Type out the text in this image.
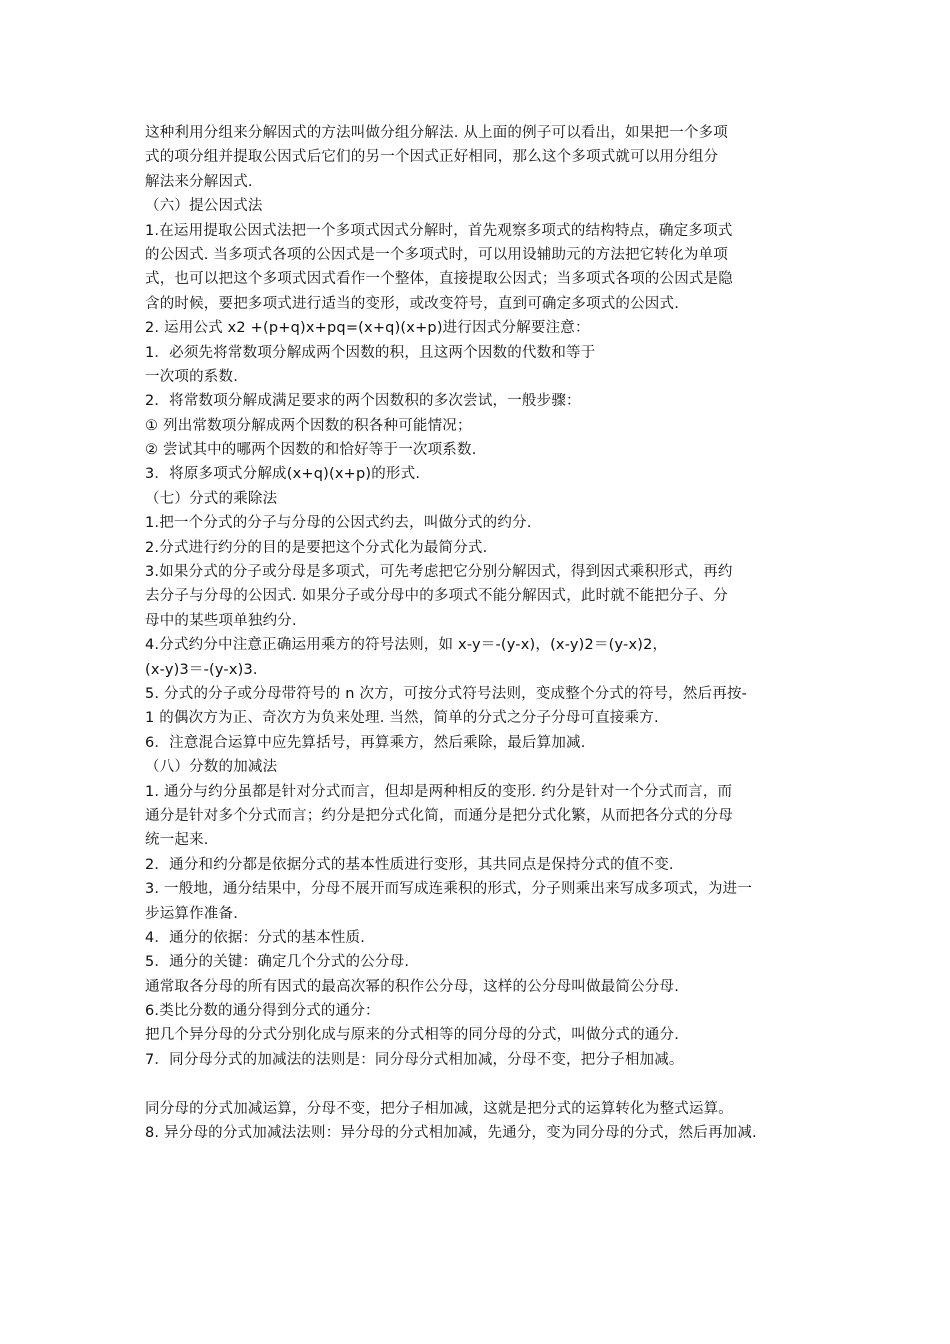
这种利用分组来分解因式的方法叫做分组分解法. 从上面的例子可以看出，如果把一个多项
式的项分组并提取公因式后它们的另一个因式正好相同，那么这个多项式就可以用分组分
解法来分解因式.
（六）提公因式法
1.在运用提取公因式法把一个多项式因式分解时，首先观察多项式的结构特点，确定多项式
的公因式. 当多项式各项的公因式是一个多项式时，可以用设辅助元的方法把它转化为单项
式，也可以把这个多项式因式看作一个整体，直接提取公因式；当多项式各项的公因式是隐
含的时候，要把多项式进行适当的变形，或改变符号，直到可确定多项式的公因式.
2. 运用公式 x2 +(p+q)x+pq=(x+q)(x+p)进行因式分解要注意：
1．必须先将常数项分解成两个因数的积，且这两个因数的代数和等于
一次项的系数.
2．将常数项分解成满足要求的两个因数积的多次尝试，一般步骤：
① 列出常数项分解成两个因数的积各种可能情况；
② 尝试其中的哪两个因数的和恰好等于一次项系数.
3．将原多项式分解成(x+q)(x+p)的形式.
（七）分式的乘除法
1.把一个分式的分子与分母的公因式约去，叫做分式的约分.
2.分式进行约分的目的是要把这个分式化为最简分式.
3.如果分式的分子或分母是多项式，可先考虑把它分别分解因式，得到因式乘积形式，再约
去分子与分母的公因式. 如果分子或分母中的多项式不能分解因式，此时就不能把分子、分
母中的某些项单独约分.
4.分式约分中注意正确运用乘方的符号法则，如 x-y＝-(y-x)，(x-y)2＝(y-x)2，
(x-y)3＝-(y-x)3.
5. 分式的分子或分母带符号的 n 次方，可按分式符号法则，变成整个分式的符号，然后再按-
1 的偶次方为正、奇次方为负来处理. 当然，简单的分式之分子分母可直接乘方.
6．注意混合运算中应先算括号，再算乘方，然后乘除，最后算加减.
（八）分数的加减法
1. 通分与约分虽都是针对分式而言，但却是两种相反的变形. 约分是针对一个分式而言，而
通分是针对多个分式而言；约分是把分式化简，而通分是把分式化繁，从而把各分式的分母
统一起来.
2．通分和约分都是依据分式的基本性质进行变形，其共同点是保持分式的值不变.
3. 一般地，通分结果中，分母不展开而写成连乘积的形式，分子则乘出来写成多项式，为进一
步运算作准备.
4．通分的依据：分式的基本性质.
5．通分的关键：确定几个分式的公分母.
通常取各分母的所有因式的最高次幂的积作公分母，这样的公分母叫做最简公分母.
6.类比分数的通分得到分式的通分：
把几个异分母的分式分别化成与原来的分式相等的同分母的分式，叫做分式的通分.
7．同分母分式的加减法的法则是：同分母分式相加减，分母不变，把分子相加减。
同分母的分式加减运算，分母不变，把分子相加减，这就是把分式的运算转化为整式运算。
8. 异分母的分式加减法法则：异分母的分式相加减，先通分，变为同分母的分式，然后再加减.
